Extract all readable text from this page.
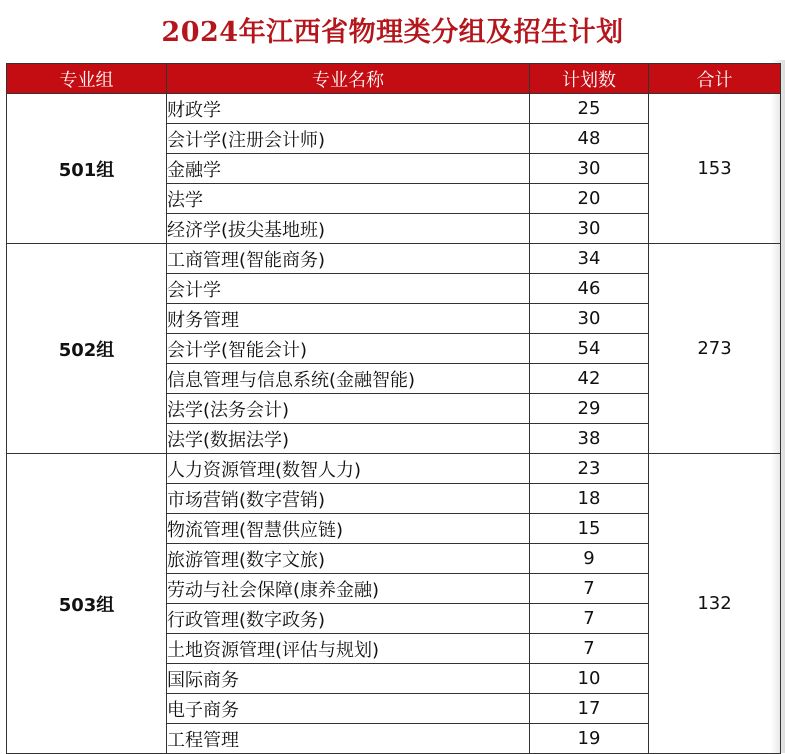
2024年江西省物理类分组及招生计划
专业组	专业名称	计划数	合计
501组	财政学	25	153
	会计学(注册会计师)	48	
	金融学	30	
	法学	20	
	经济学(拔尖基地班)	30	
502组	工商管理(智能商务)	34	273
	会计学	46	
	财务管理	30	
	会计学(智能会计)	54	
	信息管理与信息系统(金融智能)	42	
	法学(法务会计)	29	
	法学(数据法学)	38	
503组	人力资源管理(数智人力)	23	132
	市场营销(数字营销)	18	
	物流管理(智慧供应链)	15	
	旅游管理(数字文旅)	9	
	劳动与社会保障(康养金融)	7	
	行政管理(数字政务)	7	
	土地资源管理(评估与规划)	7	
	国际商务	10	
	电子商务	17	
	工程管理	19	
